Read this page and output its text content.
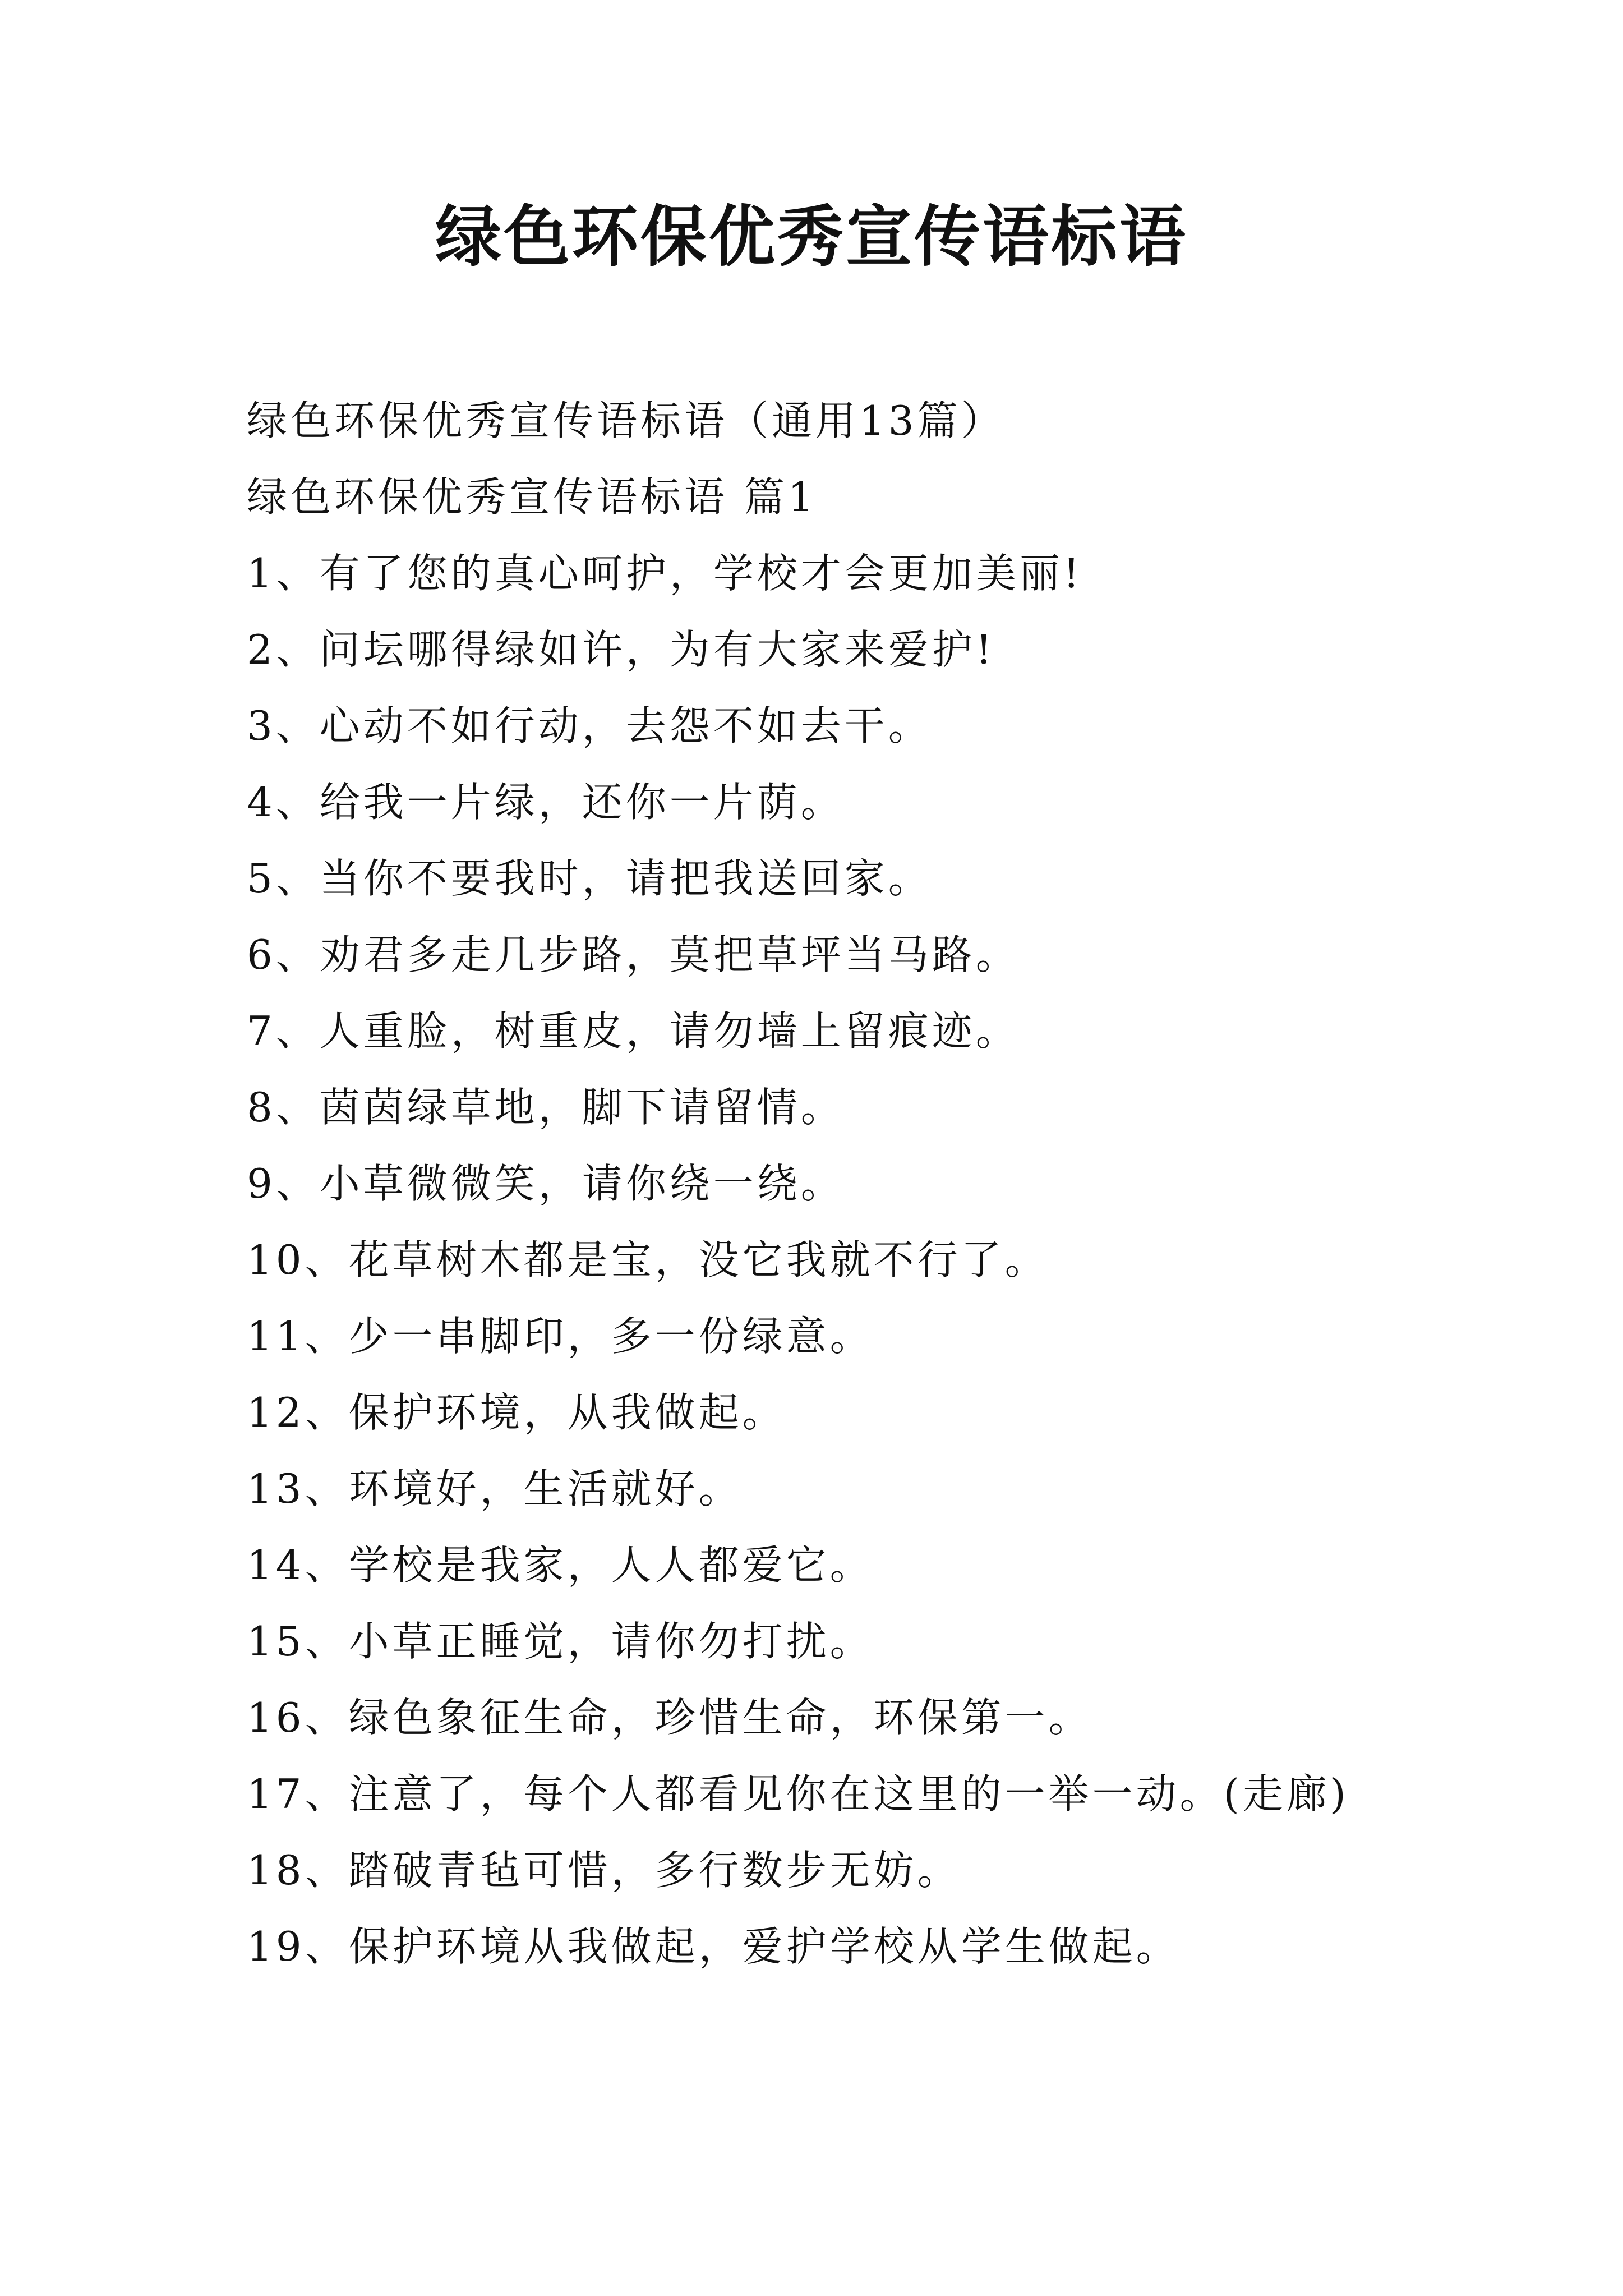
绿色环保优秀宣传语标语
绿色环保优秀宣传语标语（通用13篇）
绿色环保优秀宣传语标语 篇1
1、有了您的真心呵护，学校才会更加美丽!
2、问坛哪得绿如许，为有大家来爱护!
3、心动不如行动，去怨不如去干。
4、给我一片绿，还你一片荫。
5、当你不要我时，请把我送回家。
6、劝君多走几步路，莫把草坪当马路。
7、人重脸，树重皮，请勿墙上留痕迹。
8、茵茵绿草地，脚下请留情。
9、小草微微笑，请你绕一绕。
10、花草树木都是宝，没它我就不行了。
11、少一串脚印，多一份绿意。
12、保护环境，从我做起。
13、环境好，生活就好。
14、学校是我家，人人都爱它。
15、小草正睡觉，请你勿打扰。
16、绿色象征生命，珍惜生命，环保第一。
17、注意了，每个人都看见你在这里的一举一动。(走廊)
18、踏破青毡可惜，多行数步无妨。
19、保护环境从我做起，爱护学校从学生做起。
